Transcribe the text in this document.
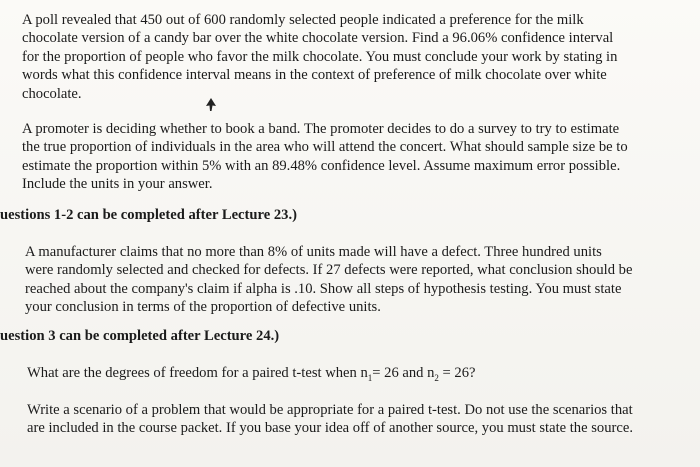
A poll revealed that 450 out of 600 randomly selected people indicated a preference for the milk
chocolate version of a candy bar over the white chocolate version. Find a 96.06% confidence interval
for the proportion of people who favor the milk chocolate. You must conclude your work by stating in
words what this confidence interval means in the context of preference of milk chocolate over white
chocolate.
A promoter is deciding whether to book a band. The promoter decides to do a survey to try to estimate
the true proportion of individuals in the area who will attend the concert. What should sample size be to
estimate the proportion within 5% with an 89.48% confidence level. Assume maximum error possible.
Include the units in your answer.
uestions 1-2 can be completed after Lecture 23.)
A manufacturer claims that no more than 8% of units made will have a defect. Three hundred units
were randomly selected and checked for defects. If 27 defects were reported, what conclusion should be
reached about the company's claim if alpha is .10. Show all steps of hypothesis testing. You must state
your conclusion in terms of the proportion of defective units.
uestion 3 can be completed after Lecture 24.)
What are the degrees of freedom for a paired t-test when $n_1= 26$ and $n_2 = 26$?
Write a scenario of a problem that would be appropriate for a paired t-test. Do not use the scenarios that
are included in the course packet. If you base your idea off of another source, you must state the source.
